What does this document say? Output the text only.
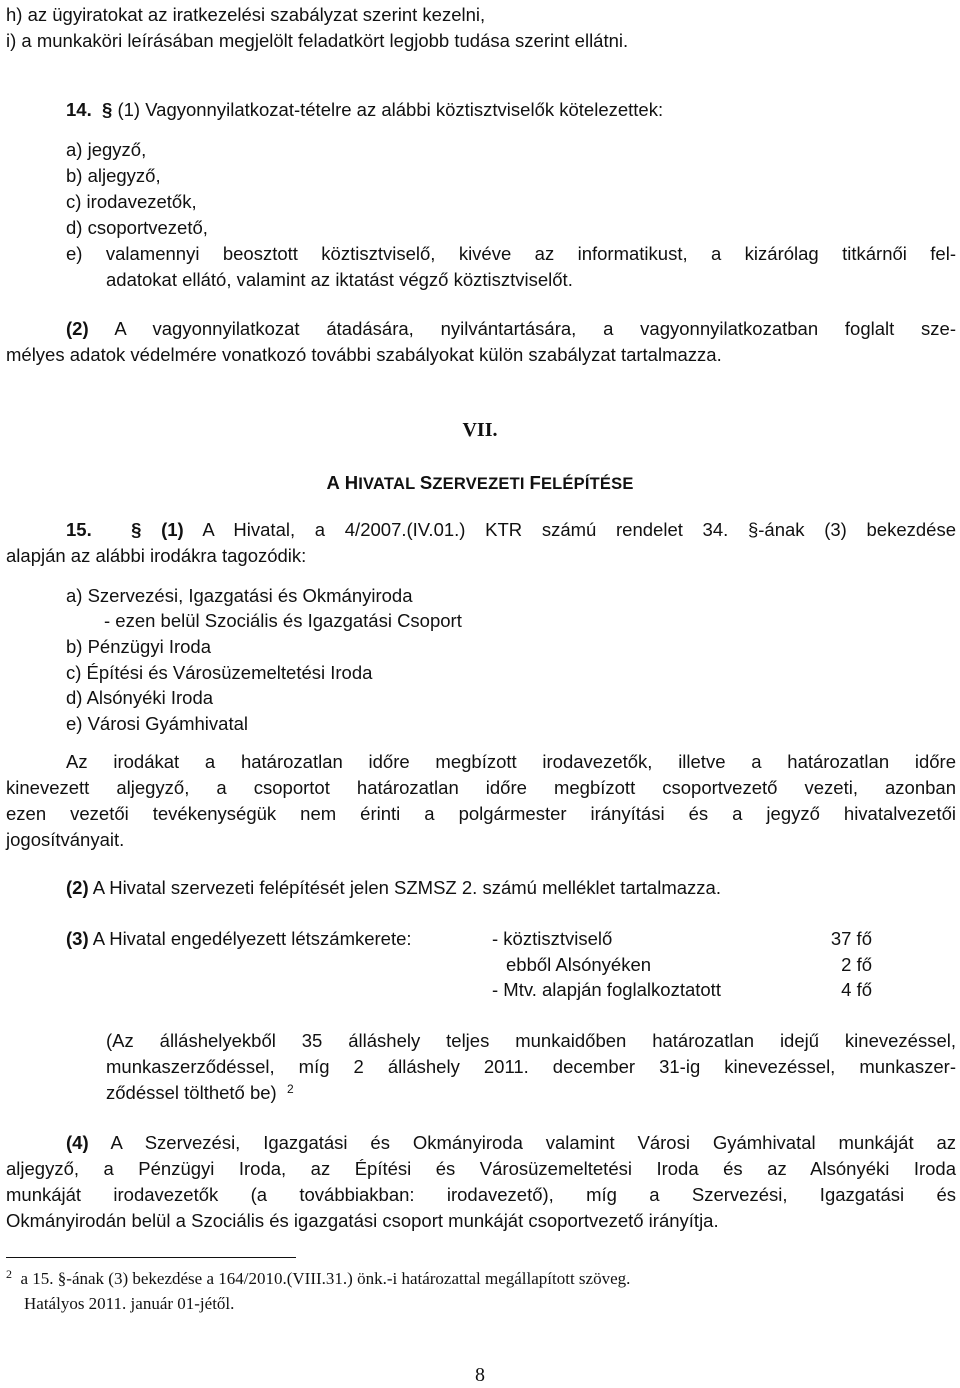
h) az ügyiratokat az iratkezelési szabályzat szerint kezelni,
i) a munkaköri leírásában megjelölt feladatkört legjobb tudása szerint ellátni.
14. § (1) Vagyonnyilatkozat-tételre az alábbi köztisztviselők kötelezettek:
a) jegyző,
b) aljegyző,
c) irodavezetők,
d) csoportvezető,
e) valamennyi beosztott köztisztviselő, kivéve az informatikust, a kizárólag titkárnői fel-
adatokat ellátó, valamint az iktatást végző köztisztviselőt.
(2) A vagyonnyilatkozat átadására, nyilvántartására, a vagyonnyilatkozatban foglalt sze-
mélyes adatok védelmére vonatkozó további szabályokat külön szabályzat tartalmazza.
VII.
A HIVATAL SZERVEZETI FELÉPÍTÉSE
15. § (1) A Hivatal, a 4/2007.(IV.01.) KTR számú rendelet 34. §-ának (3) bekezdése
alapján az alábbi irodákra tagozódik:
a) Szervezési, Igazgatási és Okmányiroda
- ezen belül Szociális és Igazgatási Csoport
b) Pénzügyi Iroda
c) Építési és Városüzemeltetési Iroda
d) Alsónyéki Iroda
e) Városi Gyámhivatal
Az irodákat a határozatlan időre megbízott irodavezetők, illetve a határozatlan időre
kinevezett aljegyző, a csoportot határozatlan időre megbízott csoportvezető vezeti, azonban
ezen vezetői tevékenységük nem érinti a polgármester irányítási és a jegyző hivatalvezetői
jogosítványait.
(2) A Hivatal szervezeti felépítését jelen SZMSZ 2. számú melléklet tartalmazza.
(3) A Hivatal engedélyezett létszámkerete:	- köztisztviselő	37 fő
ebből Alsónyéken	2 fő
- Mtv. alapján foglalkoztatott	4 fő
(Az álláshelyekből 35 álláshely teljes munkaidőben határozatlan idejű kinevezéssel,
munkaszerződéssel, míg 2 álláshely 2011. december 31-ig kinevezéssel, munkaszer-
ződéssel tölthető be) $^2$
(4) A Szervezési, Igazgatási és Okmányiroda valamint Városi Gyámhivatal munkáját az
aljegyző, a Pénzügyi Iroda, az Építési és Városüzemeltetési Iroda és az Alsónyéki Iroda
munkáját irodavezetők (a továbbiakban: irodavezető), míg a Szervezési, Igazgatási és
Okmányirodán belül a Szociális és igazgatási csoport munkáját csoportvezető irányítja.
$^2$ a 15. §-ának (3) bekezdése a 164/2010.(VIII.31.) önk.-i határozattal megállapított szöveg.
Hatályos 2011. január 01-jétől.
8
